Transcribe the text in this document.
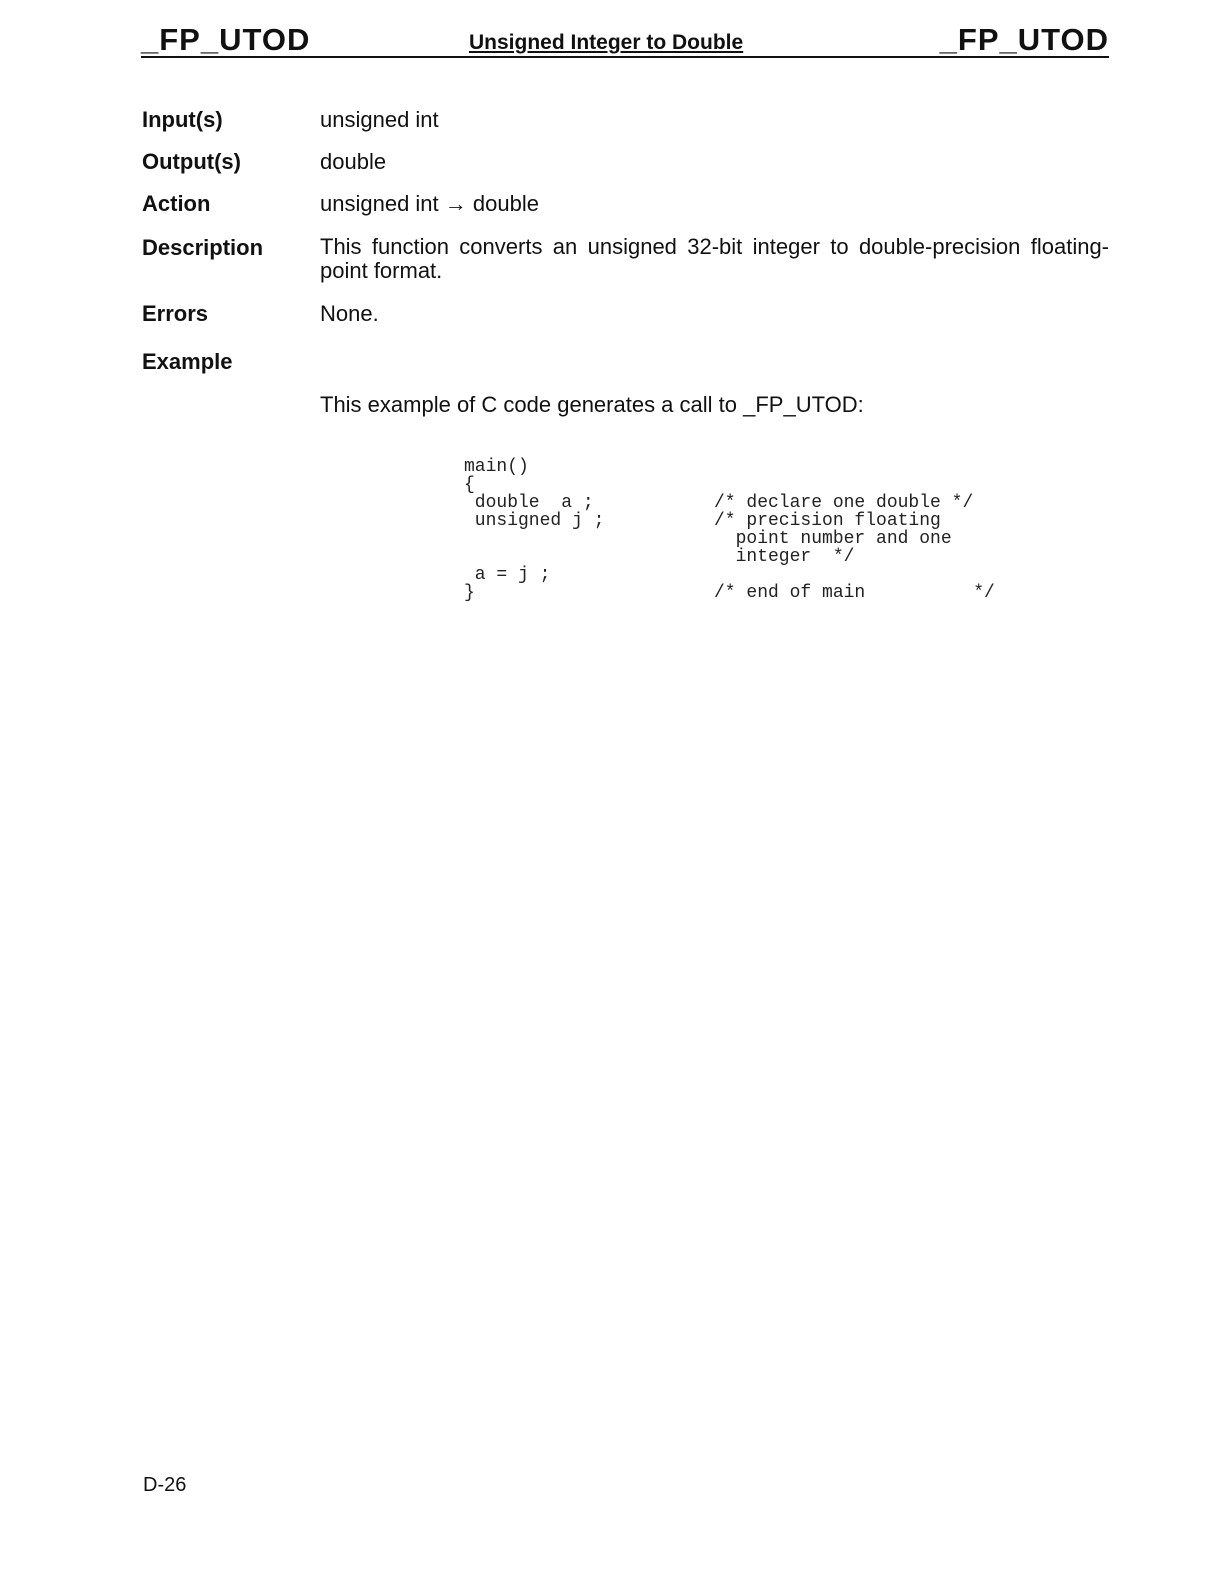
_FP_UTOD	Unsigned Integer to Double	_FP_UTOD
Input(s)	unsigned int
Output(s)	double
Action	unsigned int → double
Description	This function converts an unsigned 32-bit integer to double-precision floating-point format.
Errors	None.
Example
This example of C code generates a call to _FP_UTOD:

main()
{
double  a ;
unsigned j ;
a = j ;
}

/* declare one double */
/* precision floating
point number and one
integer  */
/* end of main          */

D-26
